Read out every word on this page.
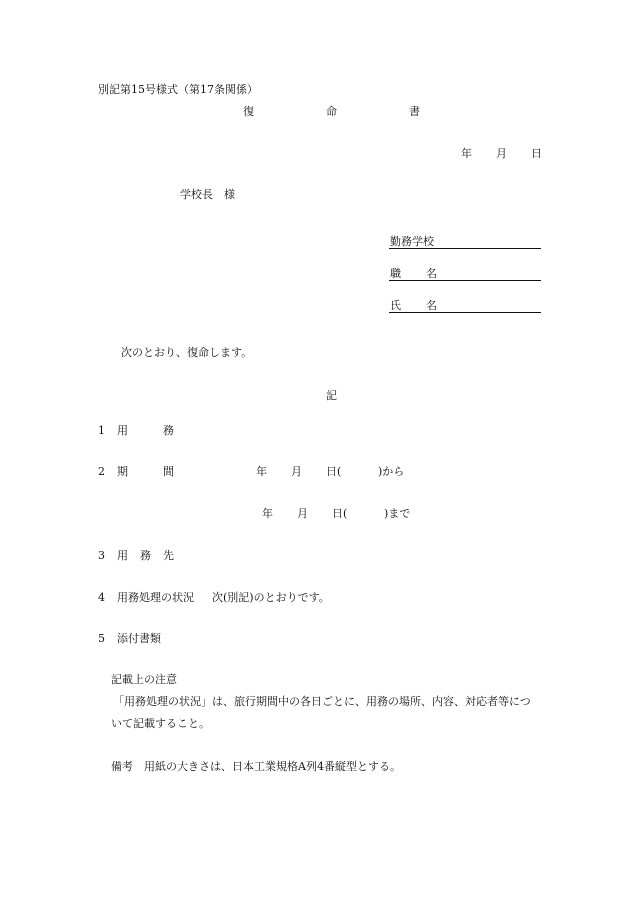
別記第15号様式（第17条関係）
復	命	書
年 月 日
学校長　様
勤務学校
職 名
氏 名
次のとおり、復命します。
記
1 用	務
2 期	間	年 月 日(	)から
年 月 日(	)まで
3 用 務 先
4 用務処理の状況 次(別記)のとおりです。
5 添付書類
記載上の注意
「用務処理の状況」は、旅行期間中の各日ごとに、用務の場所、内容、対応者等につ
いて記載すること。
備考　用紙の大きさは、日本工業規格A列4番縦型とする。
